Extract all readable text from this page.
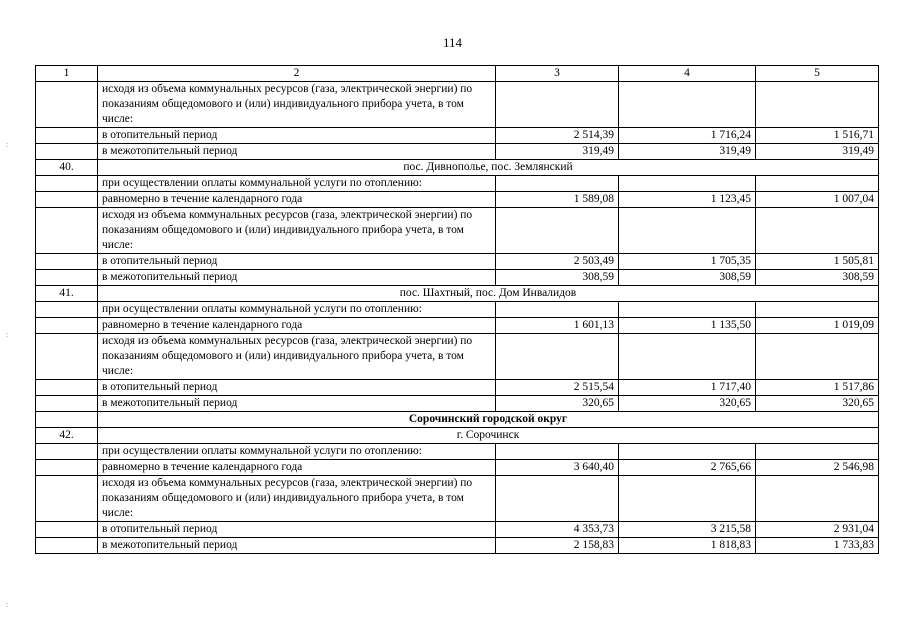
114
1	2	3	4	5
	исходя из объема коммунальных ресурсов (газа, электрической энергии) по показаниям общедомового и (или) индивидуального прибора учета, в том числе:			
	в отопительный период	2 514,39	1 716,24	1 516,71
	в межотопительный период	319,49	319,49	319,49
40.	пос. Дивнополье, пос. Землянский			
	при осуществлении оплаты коммунальной услуги по отоплению:			
	равномерно в течение календарного года	1 589,08	1 123,45	1 007,04
	исходя из объема коммунальных ресурсов (газа, электрической энергии) по показаниям общедомового и (или) индивидуального прибора учета, в том числе:			
	в отопительный период	2 503,49	1 705,35	1 505,81
	в межотопительный период	308,59	308,59	308,59
41.	пос. Шахтный, пос. Дом Инвалидов			
	при осуществлении оплаты коммунальной услуги по отоплению:			
	равномерно в течение календарного года	1 601,13	1 135,50	1 019,09
	исходя из объема коммунальных ресурсов (газа, электрической энергии) по показаниям общедомового и (или) индивидуального прибора учета, в том числе:			
	в отопительный период	2 515,54	1 717,40	1 517,86
	в межотопительный период	320,65	320,65	320,65
	Сорочинский городской округ			
42.	г. Сорочинск			
	при осуществлении оплаты коммунальной услуги по отоплению:			
	равномерно в течение календарного года	3 640,40	2 765,66	2 546,98
	исходя из объема коммунальных ресурсов (газа, электрической энергии) по показаниям общедомового и (или) индивидуального прибора учета, в том числе:			
	в отопительный период	4 353,73	3 215,58	2 931,04
	в межотопительный период	2 158,83	1 818,83	1 733,83
:
:
:
